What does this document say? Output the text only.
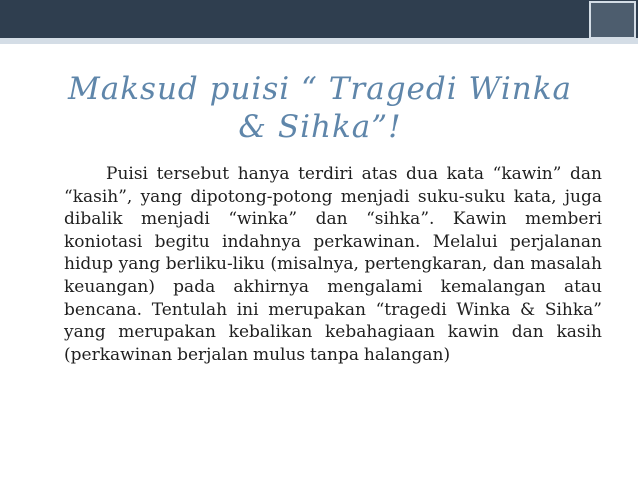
Maksud puisi “ Tragedi Winka & Sihka”!

Puisi tersebut hanya terdiri atas dua kata “kawin” dan “kasih”, yang dipotong-potong menjadi suku-suku kata, juga dibalik menjadi “winka” dan “sihka”. Kawin memberi koniotasi begitu indahnya perkawinan. Melalui perjalanan hidup yang berliku-liku (misalnya, pertengkaran, dan masalah keuangan) pada akhirnya mengalami kemalangan atau bencana. Tentulah ini merupakan “tragedi Winka & Sihka” yang merupakan kebalikan kebahagiaan kawin dan kasih (perkawinan berjalan mulus tanpa halangan)
